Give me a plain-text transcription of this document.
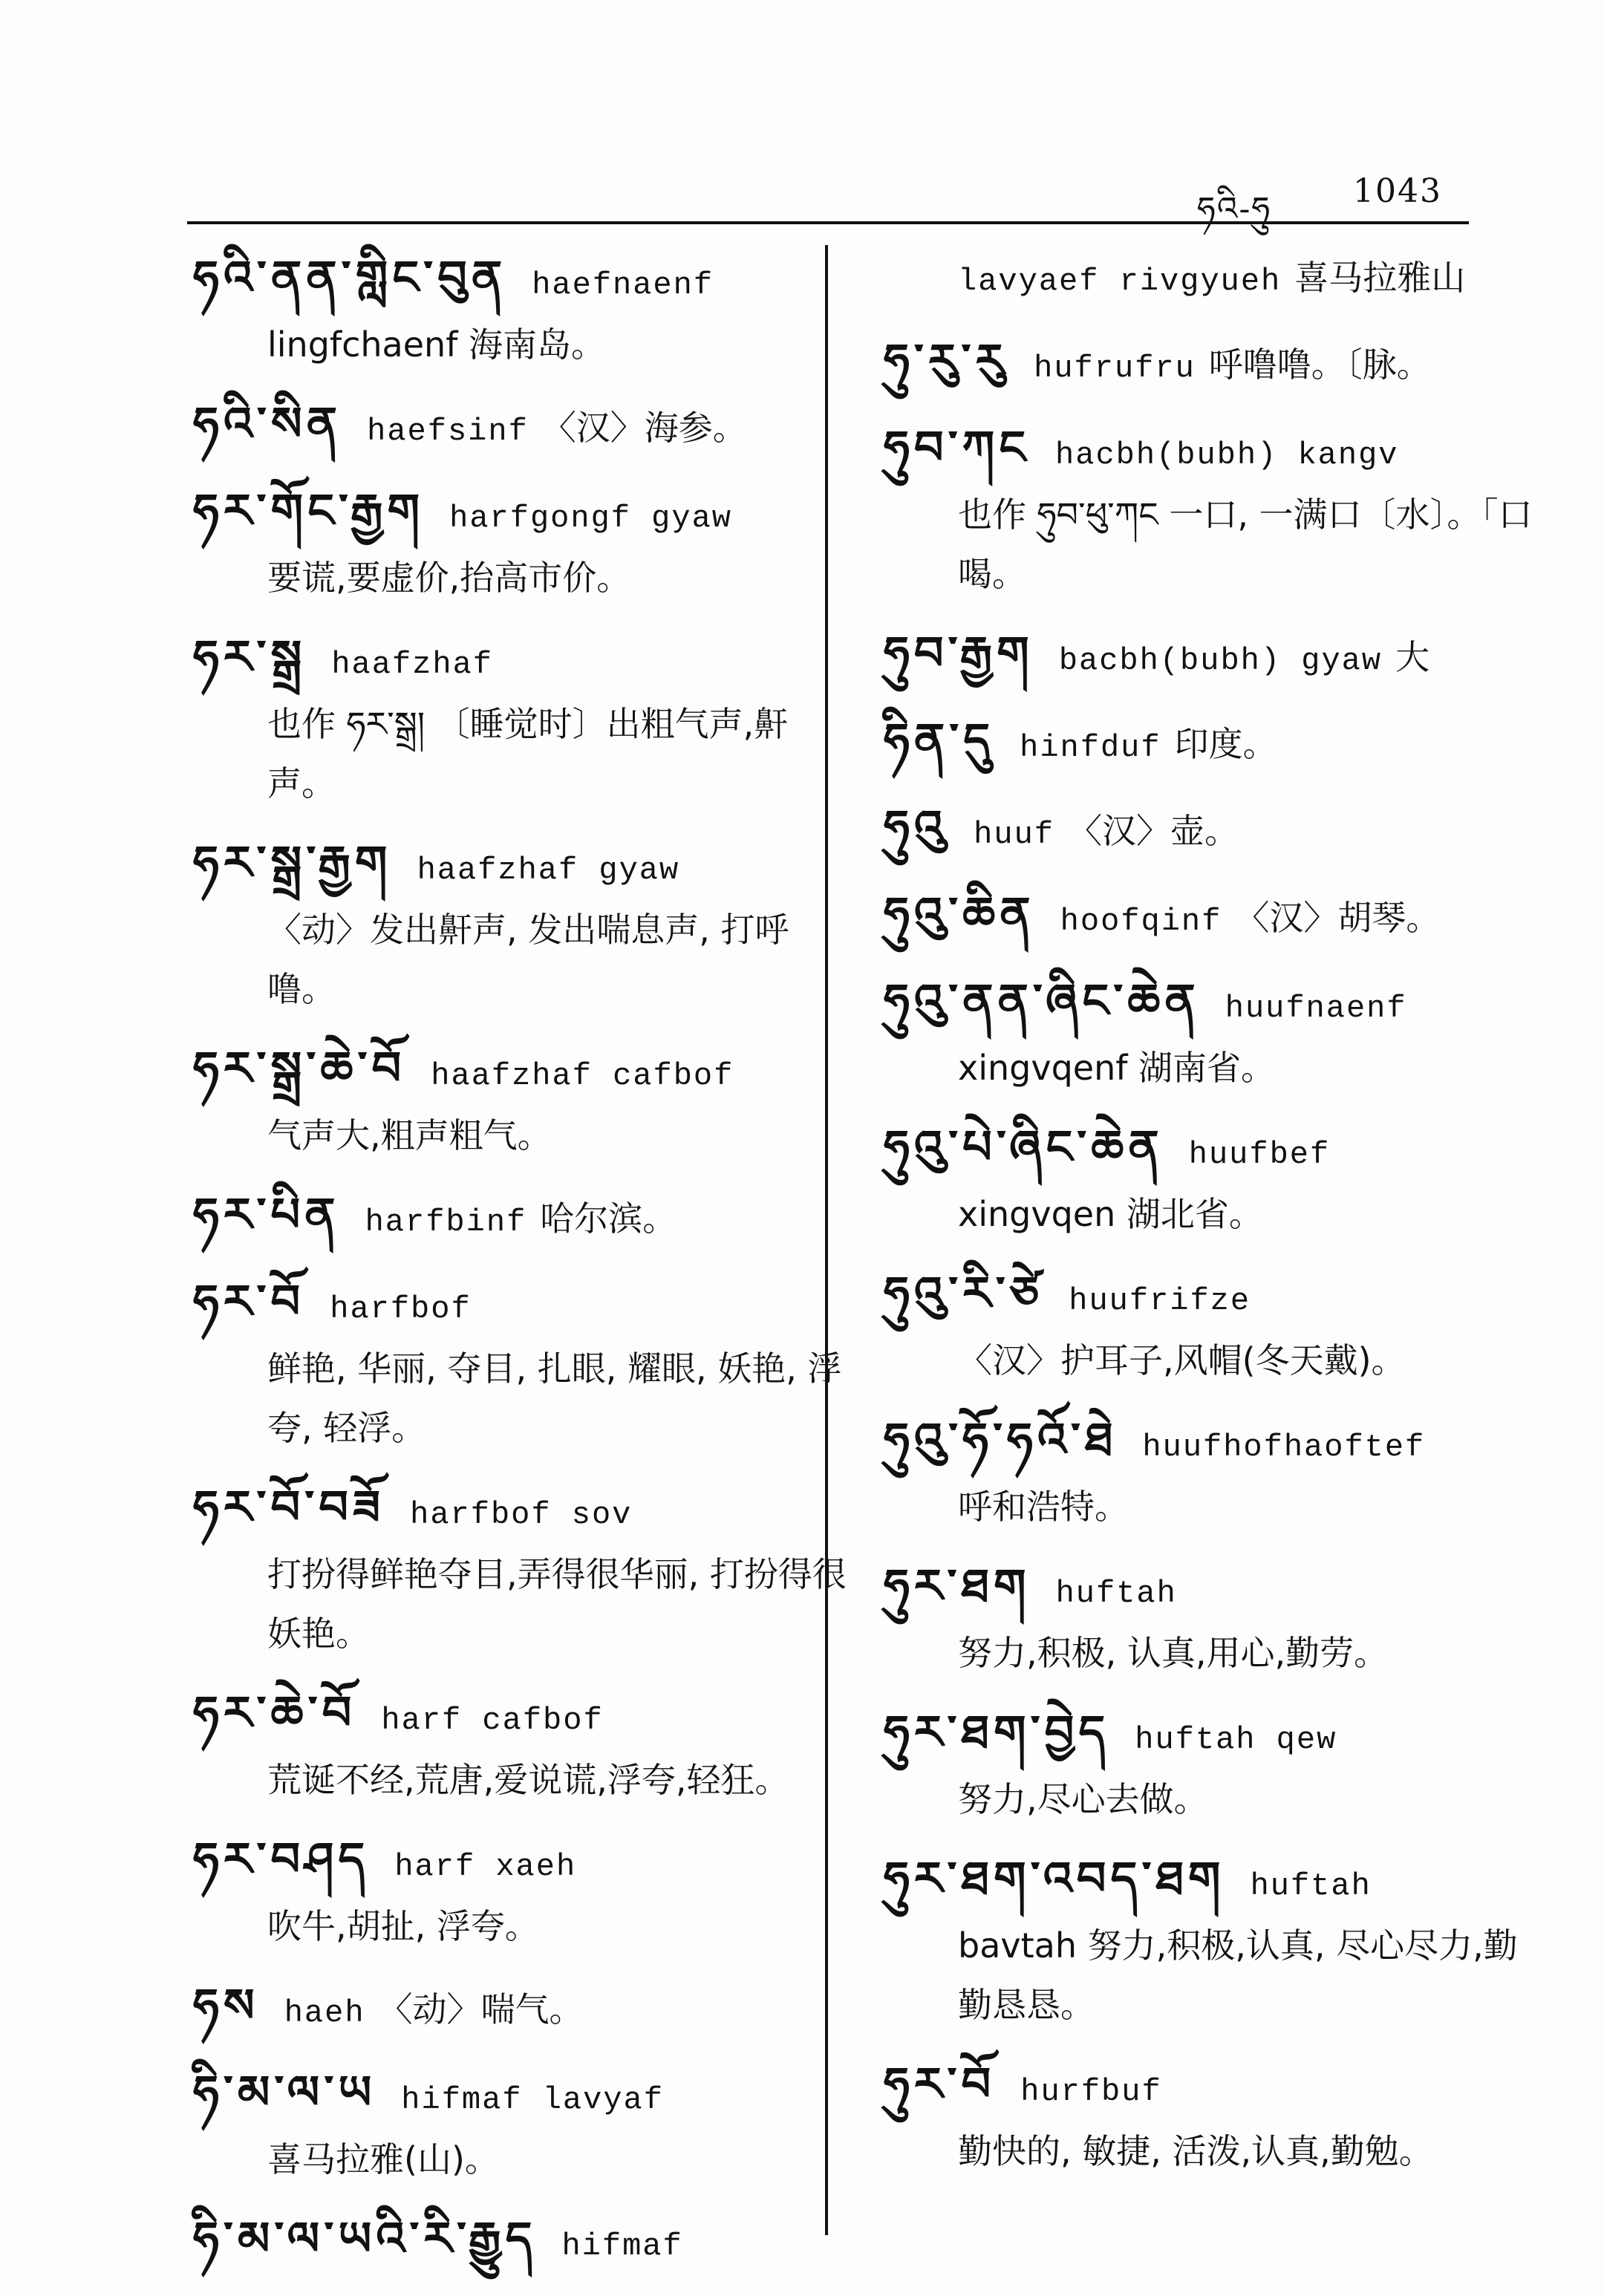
ཧའི-ཧུ 1043
ཧའི་ནན་གླིང་བུན haefnaenf
lingfchaenf 海南岛。
ཧའི་སིན haefsinf 〈汉〉海参。
ཧར་གོང་རྒྱག harfgongf gyaw
要谎,要虚价,抬高市价。
ཧར་སྒྲ haafzhaf
也作 ཧར་སྒྲ། 〔睡觉时〕出粗气声,鼾声。
ཧར་སྒྲ་རྒྱག haafzhaf gyaw
〈动〉发出鼾声, 发出喘息声, 打呼噜。
ཧར་སྒྲ་ཆེ་བོ haafzhaf cafbof
气声大,粗声粗气。
ཧར་པིན harfbinf 哈尔滨。
ཧར་བོ harfbof
鲜艳, 华丽, 夺目, 扎眼, 耀眼, 妖艳, 浮夸, 轻浮。
ཧར་བོ་བཟོ harfbof sov
打扮得鲜艳夺目,弄得很华丽, 打扮得很妖艳。
ཧར་ཆེ་བོ harf cafbof
荒诞不经,荒唐,爱说谎,浮夸,轻狂。
ཧར་བཤད harf xaeh
吹牛,胡扯, 浮夸。
ཧས haeh 〈动〉喘气。
ཧི་མ་ལ་ཡ hifmaf lavyaf
喜马拉雅(山)。
ཧི་མ་ལ་ཡའི་རི་རྒྱུད hifmaf
lavyaef rivgyueh 喜马拉雅山
ཧུ་རུ་རུ hufrufru 呼噜噜。〔脉。
ཧུབ་ཀང hacbh(bubh) kangv
也作 ཧུབ་ཕུ་ཀང 一口, 一满口〔水〕。「口喝。
ཧུབ་རྒྱག bacbh(bubh) gyaw 大
ཧིན་དུ hinfduf 印度。
ཧུའུ huuf 〈汉〉壶。
ཧུའུ་ཆིན hoofqinf 〈汉〉胡琴。
ཧུའུ་ནན་ཞིང་ཆེན huufnaenf
xingvqenf 湖南省。
ཧུའུ་པེ་ཞིང་ཆེན huufbef
xingvqen 湖北省。
ཧུའུ་རི་ཙེ huufrifze
〈汉〉护耳子,风帽(冬天戴)。
ཧུའུ་ཧོ་ཧའོ་ཐེ huufhofhaoftef
呼和浩特。
ཧུར་ཐག huftah
努力,积极, 认真,用心,勤劳。
ཧུར་ཐག་བྱེད huftah qew
努力,尽心去做。
ཧུར་ཐག་འབད་ཐག huftah
bavtah 努力,积极,认真, 尽心尽力,勤勤恳恳。
ཧུར་བོ hurfbuf
勤快的, 敏捷, 活泼,认真,勤勉。
